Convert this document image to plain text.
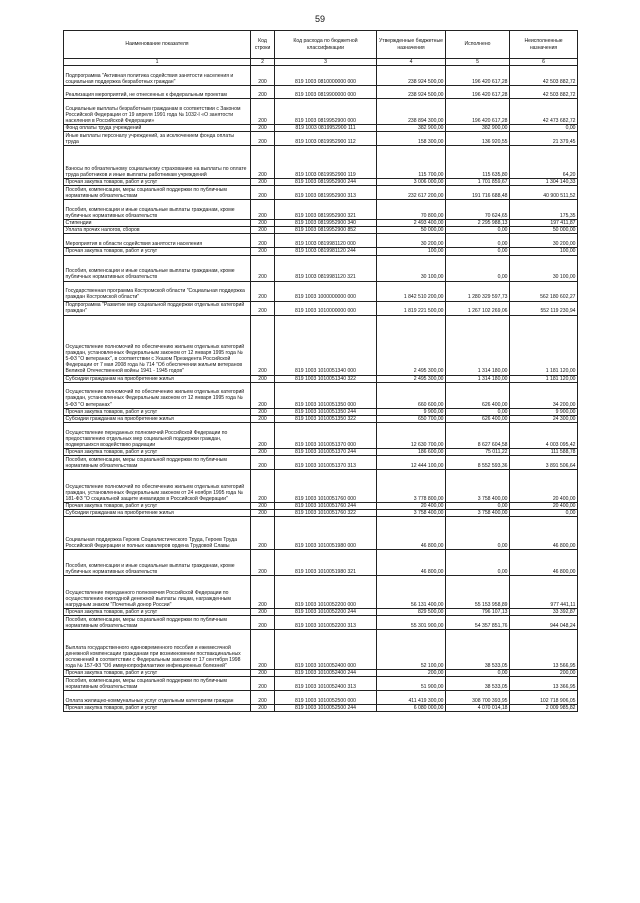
59
Наименование показателя	Код строки	Код расхода по бюджетной классификации	Утвержденные бюджетные назначения	Исполнено	Неисполненные назначения
1	2	3	4	5	6
Подпрограмма "Активная политика содействия занятости населения и социальная поддержка безработных граждан"	200	819 1003 0810000000 000	238 924 500,00	196 420 617,28	42 503 882,72
Реализация мероприятий, не отнесенных к федеральным проектам	200	819 1003 0819900000 000	238 924 500,00	196 420 617,28	42 503 882,72
Социальные выплаты безработным гражданам в соответствии с Законом Российской Федерации от 19 апреля 1991 года № 1032-I «О занятости населения в Российской Федерации»	200	819 1003 0819952900 000	238 894 300,00	196 420 617,28	42 473 682,72
Фонд оплаты труда учреждений	200	819 1003 0819952900 111	382 900,00	382 900,00	0,00
Иные выплаты персоналу учреждений, за исключением фонда оплаты труда	200	819 1003 0819952900 112	158 300,00	136 920,55	21 379,45
Взносы по обязательному социальному страхованию на выплаты по оплате труда работников и иные выплаты работникам учреждений	200	819 1003 0819952900 119	115 700,00	115 635,80	64,20
Прочая закупка товаров, работ и услуг	200	819 1003 0819952900 244	3 006 000,00	1 701 859,67	1 304 140,33
Пособия, компенсации, меры социальной поддержки по публичным нормативным обязательствам	200	819 1003 0819952900 313	232 617 200,00	191 716 688,48	40 900 511,52
Пособия, компенсации и иные социальные выплаты гражданам, кроме публичных нормативных обязательств	200	819 1003 0819952900 321	70 800,00	70 624,65	175,35
Стипендии	200	819 1003 0819952900 340	2 493 400,00	2 295 988,13	197 411,87
Уплата прочих налогов, сборов	200	819 1003 0819952900 852	50 000,00	0,00	50 000,00
Мероприятия в области содействия занятости населения	200	819 1003 0819981120 000	30 200,00	0,00	30 200,00
Прочая закупка товаров, работ и услуг	200	819 1003 0819981120 244	100,00	0,00	100,00
Пособия, компенсации и иные социальные выплаты гражданам, кроме публичных нормативных обязательств	200	819 1003 0819981120 321	30 100,00	0,00	30 100,00
Государственная программа Костромской области "Социальная поддержка граждан Костромской области"	200	819 1003 1000000000 000	1 842 510 200,00	1 280 329 597,73	562 180 602,27
Подпрограмма "Развитие мер социальной поддержки отдельных категорий граждан"	200	819 1003 1010000000 000	1 819 221 500,00	1 267 102 269,06	552 119 230,94
Осуществление полномочий по обеспечению жильем отдельных категорий граждан, установленных Федеральным законом от 12 января 1995 года № 5-ФЗ "О ветеранах", в соответствии с Указом Президента Российской Федерации от 7 мая 2008 года № 714 "Об обеспечении жильем ветеранов Великой Отечественной войны 1941 - 1945 годов"	200	819 1003 1010051340 000	2 495 300,00	1 314 180,00	1 181 120,00
Субсидии гражданам на приобретение жилья	200	819 1003 1010051340 322	2 495 300,00	1 314 180,00	1 181 120,00
Осуществление полномочий по обеспечению жильем отдельных категорий граждан, установленных Федеральным законом от 12 января 1995 года № 5-ФЗ "О ветеранах"	200	819 1003 1010051350 000	660 600,00	626 400,00	34 200,00
Прочая закупка товаров, работ и услуг	200	819 1003 1010051350 244	9 900,00	0,00	9 900,00
Субсидии гражданам на приобретение жилья	200	819 1003 1010051350 322	650 700,00	626 400,00	24 300,00
Осуществление переданных полномочий Российской Федерации по предоставлению отдельных мер социальной поддержки граждан, подвергшихся воздействию радиации	200	819 1003 1010051370 000	12 630 700,00	8 627 604,58	4 003 095,42
Прочая закупка товаров, работ и услуг	200	819 1003 1010051370 244	186 600,00	75 011,22	111 588,78
Пособия, компенсации, меры социальной поддержки по публичным нормативным обязательствам	200	819 1003 1010051370 313	12 444 100,00	8 552 593,36	3 891 506,64
Осуществление полномочий по обеспечению жильем отдельных категорий граждан, установленных Федеральным законом от 24 ноября 1995 года № 181-ФЗ "О социальной защите инвалидов в Российской Федерации"	200	819 1003 1010051760 000	3 778 800,00	3 758 400,00	20 400,00
Прочая закупка товаров, работ и услуг	200	819 1003 1010051760 244	20 400,00	0,00	20 400,00
Субсидии гражданам на приобретение жилья	200	819 1003 1010051760 322	3 758 400,00	3 758 400,00	0,00
Социальная поддержка Героев Социалистического Труда, Героев Труда Российской Федерации и полных кавалеров ордена Трудовой Славы	200	819 1003 1010051980 000	46 800,00	0,00	46 800,00
Пособия, компенсации и иные социальные выплаты гражданам, кроме публичных нормативных обязательств	200	819 1003 1010051980 321	46 800,00	0,00	46 800,00
Осуществление переданного полномочия Российской Федерации по осуществлению ежегодной денежной выплаты лицам, награжденным нагрудным знаком "Почетный донор России"	200	819 1003 1010052200 000	56 131 400,00	55 153 958,89	977 441,11
Прочая закупка товаров, работ и услуг	200	819 1003 1010052200 244	829 500,00	796 107,13	33 392,87
Пособия, компенсации, меры социальной поддержки по публичным нормативным обязательствам	200	819 1003 1010052200 313	55 301 900,00	54 357 851,76	944 048,24
Выплата государственного единовременного пособия и ежемесячной денежной компенсации гражданам при возникновении поствакцинальных осложнений в соответствии с Федеральным законом от 17 сентября 1998 года № 157-ФЗ "Об иммунопрофилактике инфекционных болезней"	200	819 1003 1010052400 000	52 100,00	38 533,05	13 566,95
Прочая закупка товаров, работ и услуг	200	819 1003 1010052400 244	200,00	0,00	200,00
Пособия, компенсации, меры социальной поддержки по публичным нормативным обязательствам	200	819 1003 1010052400 313	51 900,00	38 533,05	13 366,95
Оплата жилищно-коммунальных услуг отдельным категориям граждан	200	819 1003 1010052500 000	411 419 300,00	308 700 393,95	102 718 906,05
Прочая закупка товаров, работ и услуг	200	819 1003 1010052500 244	6 080 000,00	4 070 014,18	2 009 985,82
